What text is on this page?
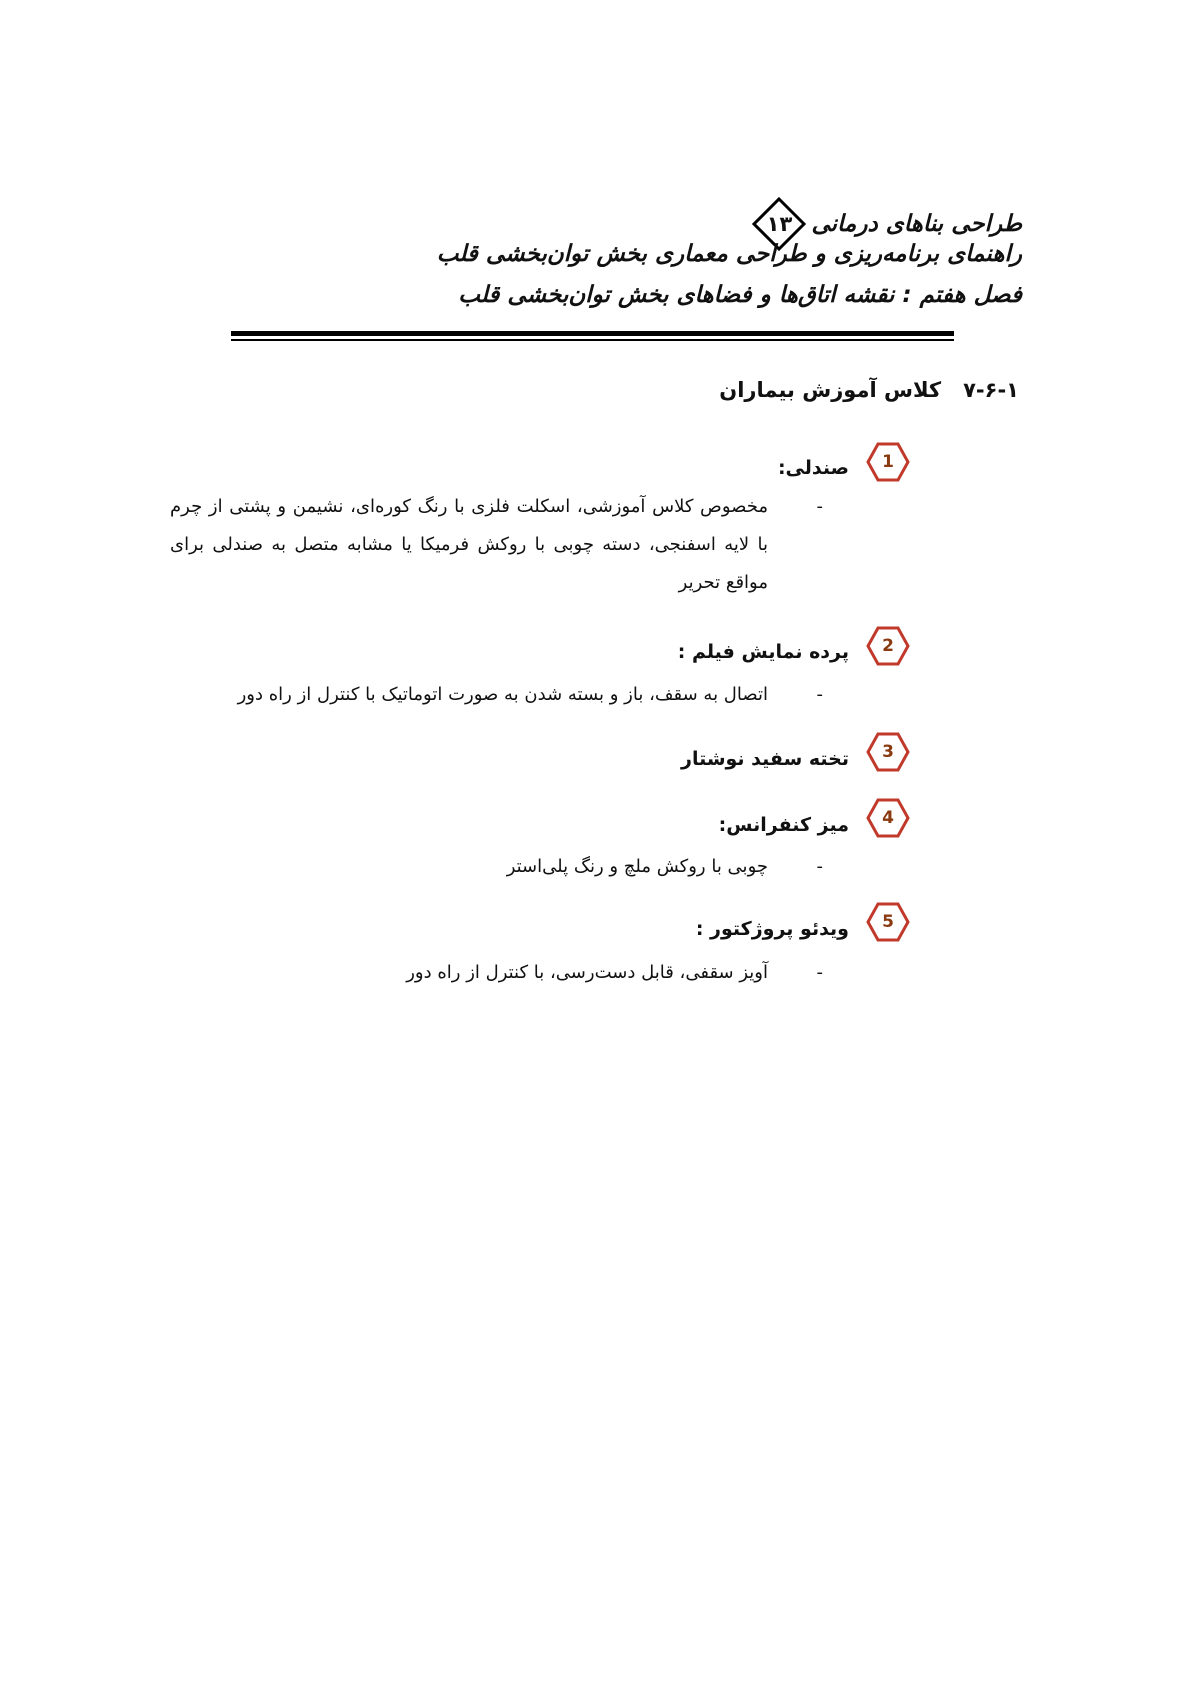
طراحی بناهای درمانی
۱۳
راهنمای برنامه‌ریزی و طراحی معماری بخش توان‌بخشی قلب
فصل هفتم : نقشه اتاق‌ها و فضاهای بخش توان‌بخشی قلب
۷-۶-۱کلاس آموزش بیماران
1
صندلی:
-
مخصوص کلاس آموزشی، اسکلت فلزی با رنگ کوره‌ای، نشیمن و پشتی از چرم با لایه اسفنجی، دسته چوبی با روکش فرمیکا یا مشابه متصل به صندلی برای مواقع تحریر
2
پرده نمایش فیلم :
-
اتصال به سقف، باز و بسته شدن به صورت اتوماتیک با کنترل از راه دور
3
تخته سفید نوشتار
4
میز کنفرانس:
-
چوبی با روکش ملچ و رنگ پلی‌استر
5
ویدئو پروژکتور :
-
آویز سقفی، قابل دست‌رسی، با کنترل از راه دور
